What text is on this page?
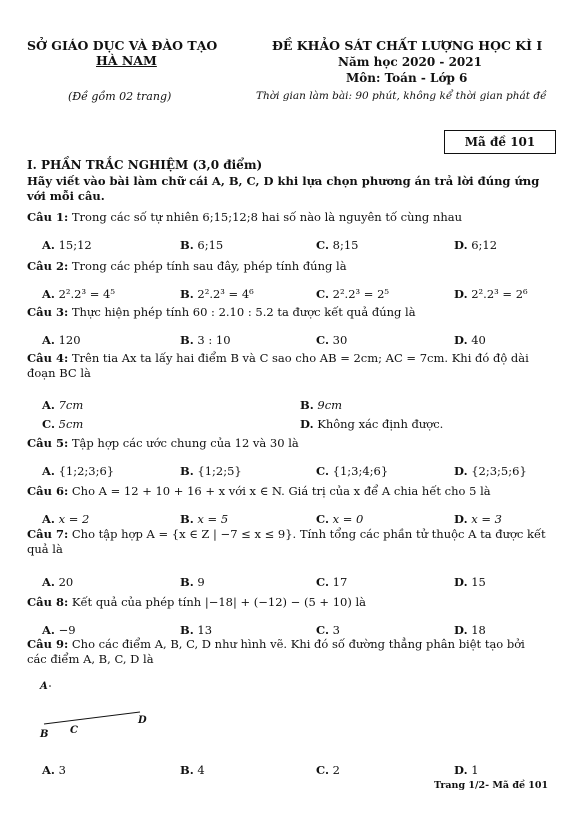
SỞ GIÁO DỤC VÀ ĐÀO TẠO
HÀ NAM
(Đề gồm 02 trang)
ĐỀ KHẢO SÁT CHẤT LƯỢNG HỌC KÌ I
Năm học 2020 - 2021
Môn: Toán - Lớp 6
Thời gian làm bài: 90 phút, không kể thời gian phát đề
Mã đề 101
I. PHẦN TRẮC NGHIỆM (3,0 điểm)
Hãy viết vào bài làm chữ cái A, B, C, D khi lựa chọn phương án trả lời đúng ứng với mỗi câu.
Câu 1: Trong các số tự nhiên 6;15;12;8 hai số nào là nguyên tố cùng nhau
A. 15;12	B. 6;15	C. 8;15	D. 6;12
Câu 2: Trong các phép tính sau đây, phép tính đúng là
A. 2².2³ = 4⁵	B. 2².2³ = 4⁶	C. 2².2³ = 2⁵	D. 2².2³ = 2⁶
Câu 3: Thực hiện phép tính 60 : 2.10 : 5.2 ta được kết quả đúng là
A. 120	B. 3 : 10	C. 30	D. 40
Câu 4: Trên tia Ax ta lấy hai điểm B và C sao cho AB = 2cm; AC = 7cm. Khi đó độ dài đoạn BC là
A. 7cm	B. 9cm
C. 5cm	D. Không xác định được.
Câu 5: Tập hợp các ước chung của 12 và 30 là
A. {1;2;3;6}	B. {1;2;5}	C. {1;3;4;6}	D. {2;3;5;6}
Câu 6: Cho A = 12 + 10 + 16 + x với x ∈ N. Giá trị của x để A chia hết cho 5 là
A. x = 2	B. x = 5	C. x = 0	D. x = 3
Câu 7: Cho tập hợp A = {x ∈ Z | −7 ≤ x ≤ 9}. Tính tổng các phần tử thuộc A ta được kết quả là
A. 20	B. 9	C. 17	D. 15
Câu 8: Kết quả của phép tính |−18| + (−12) − (5 + 10) là
A. −9	B. 13	C. 3	D. 18
Câu 9: Cho các điểm A, B, C, D như hình vẽ. Khi đó số đường thẳng phân biệt tạo bởi các điểm A, B, C, D là
A
B C
D
A. 3	B. 4	C. 2	D. 1
Trang 1/2- Mã đề 101
